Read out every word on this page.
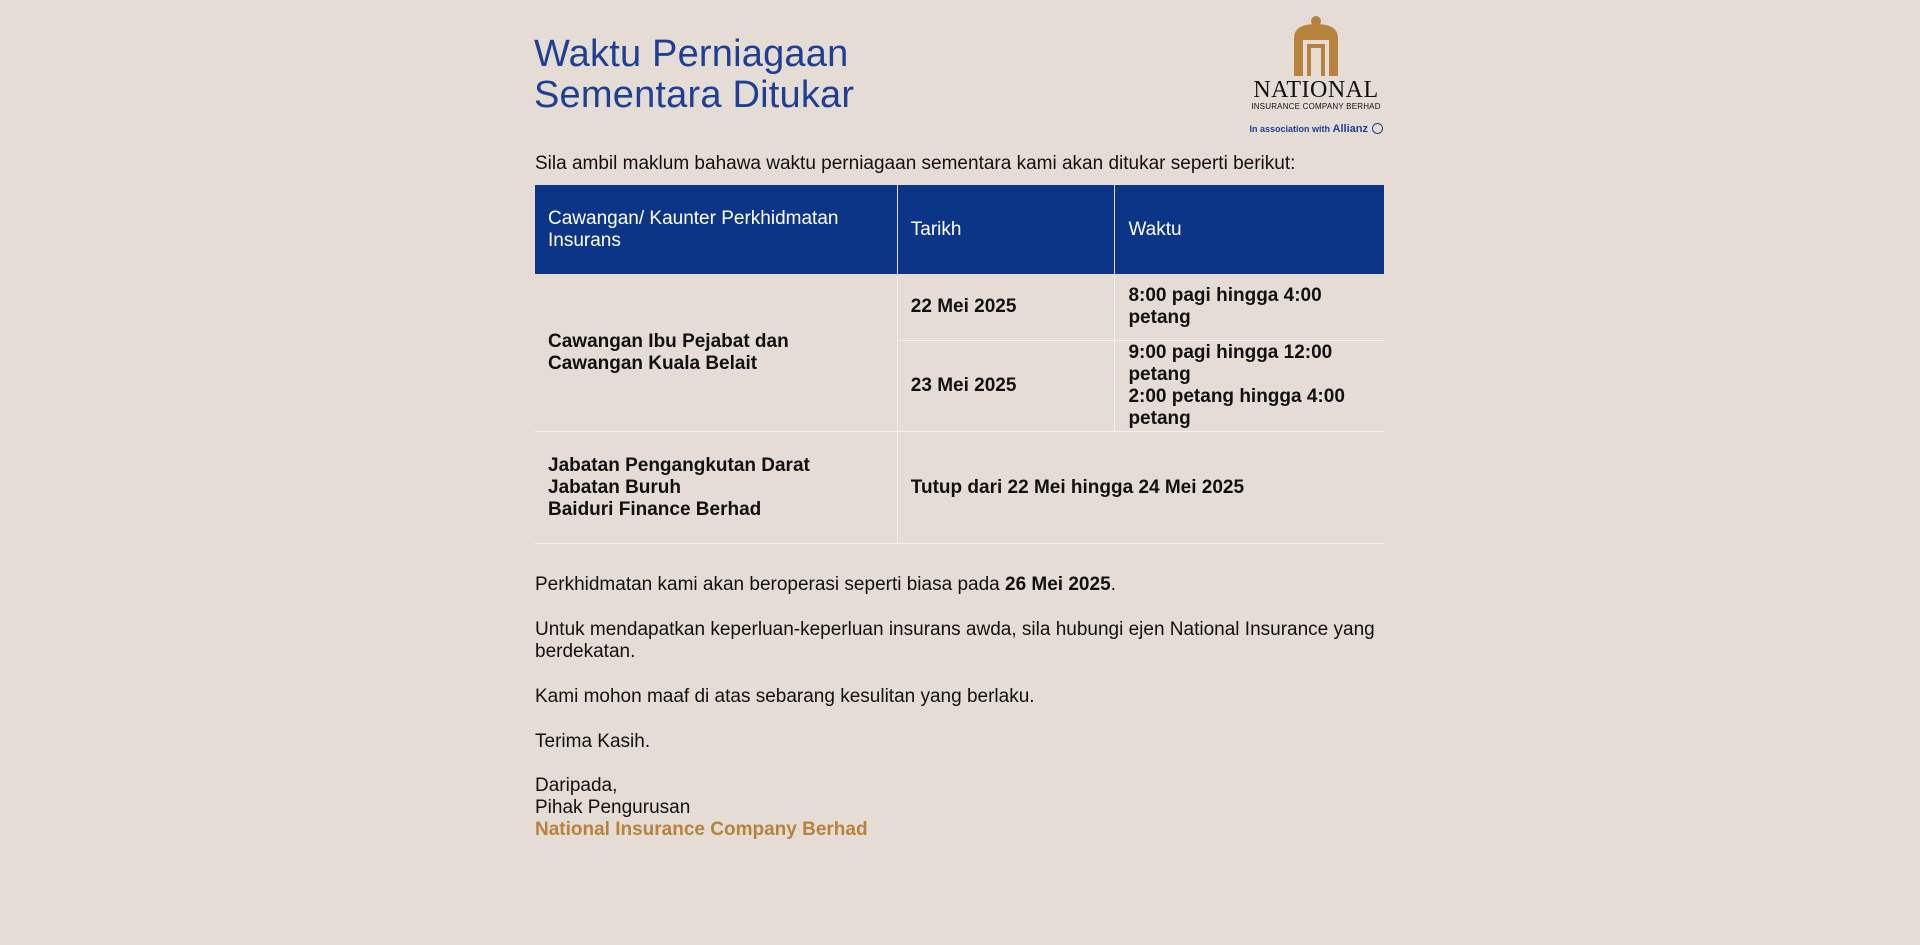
Waktu Perniagaan
Sementara Ditukar	NATIONAL
INSURANCE COMPANY BERHAD
In association with Allianz

Sila ambil maklum bahawa waktu perniagaan sementara kami akan ditukar seperti berikut:

Cawangan/ Kaunter Perkhidmatan Insurans	Tarikh	Waktu

Cawangan Ibu Pejabat dan
Cawangan Kuala Belait	22 Mei 2025	8:00 pagi hingga 4:00 petang

	23 Mei 2025	9:00 pagi hingga 12:00 petang
2:00 petang hingga 4:00 petang

Jabatan Pengangkutan Darat
Jabatan Buruh
Baiduri Finance Berhad	Tutup dari 22 Mei hingga 24 Mei 2025	

Perkhidmatan kami akan beroperasi seperti biasa pada 26 Mei 2025.

Untuk mendapatkan keperluan-keperluan insurans awda, sila hubungi ejen National Insurance yang berdekatan.

Kami mohon maaf di atas sebarang kesulitan yang berlaku.

Terima Kasih.

Daripada,
Pihak Pengurusan
National Insurance Company Berhad
